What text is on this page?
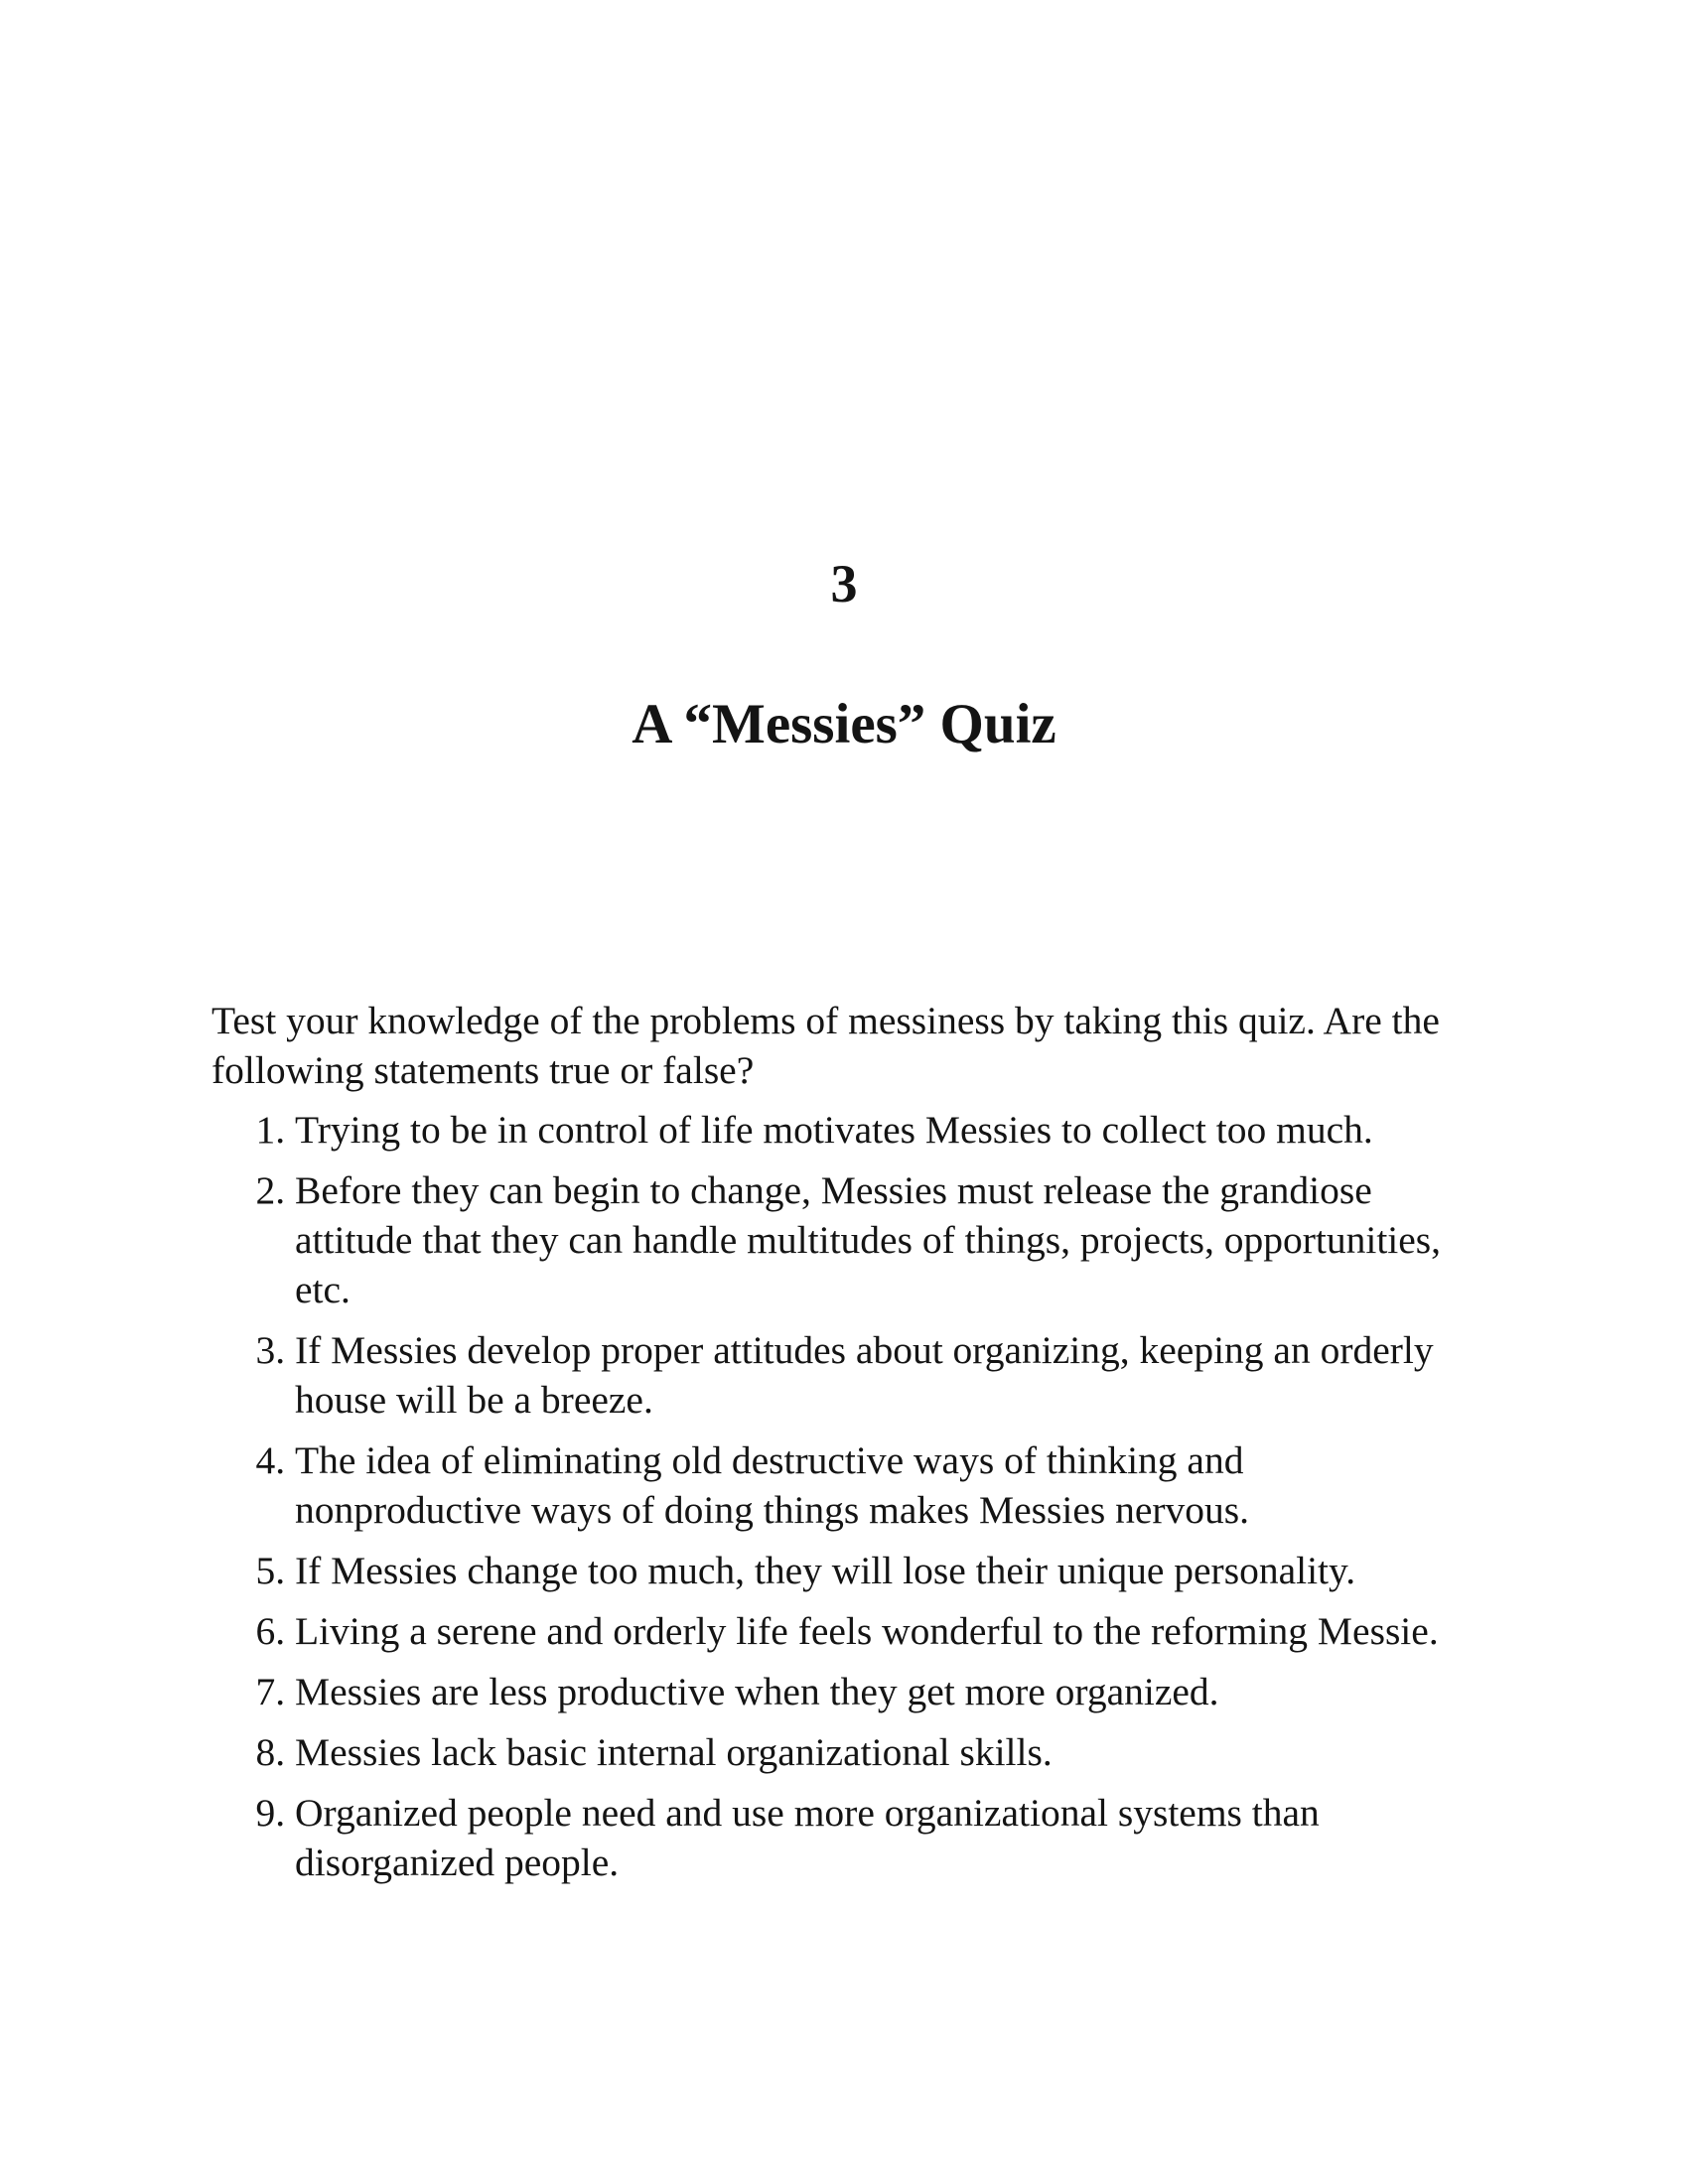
3
A “Messies” Quiz

Test your knowledge of the problems of messiness by taking this quiz. Are the following statements true or false?

1. Trying to be in control of life motivates Messies to collect too much.
2. Before they can begin to change, Messies must release the grandiose attitude that they can handle multitudes of things, projects, opportunities, etc.
3. If Messies develop proper attitudes about organizing, keeping an orderly house will be a breeze.
4. The idea of eliminating old destructive ways of thinking and nonproductive ways of doing things makes Messies nervous.
5. If Messies change too much, they will lose their unique personality.
6. Living a serene and orderly life feels wonderful to the reforming Messie.
7. Messies are less productive when they get more organized.
8. Messies lack basic internal organizational skills.
9. Organized people need and use more organizational systems than disorganized people.
